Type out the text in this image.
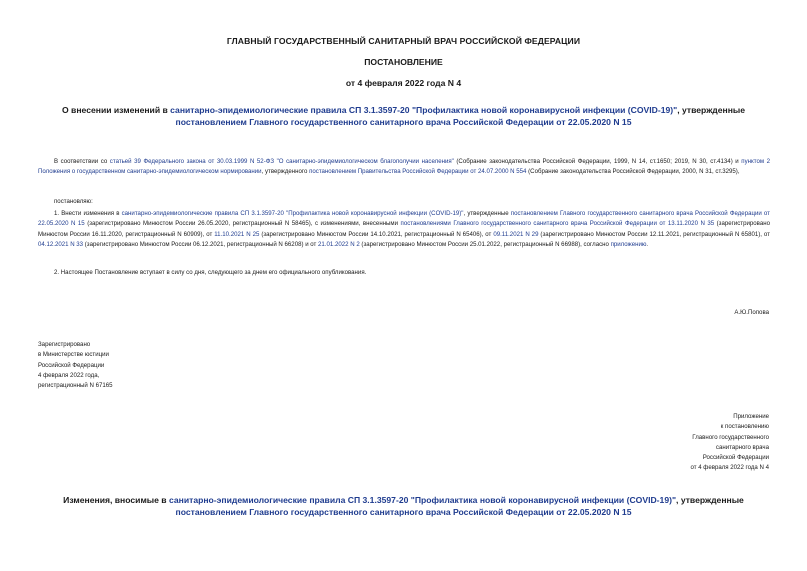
ГЛАВНЫЙ ГОСУДАРСТВЕННЫЙ САНИТАРНЫЙ ВРАЧ РОССИЙСКОЙ ФЕДЕРАЦИИ
ПОСТАНОВЛЕНИЕ
от 4 февраля 2022 года N 4
О внесении изменений в санитарно-эпидемиологические правила СП 3.1.3597-20 "Профилактика новой коронавирусной инфекции (COVID-19)", утвержденные постановлением Главного государственного санитарного врача Российской Федерации от 22.05.2020 N 15
В соответствии со статьей 39 Федерального закона от 30.03.1999 N 52-ФЗ "О санитарно-эпидемиологическом благополучии населения" (Собрание законодательства Российской Федерации, 1999, N 14, ст.1650; 2019, N 30, ст.4134) и пунктом 2 Положения о государственном санитарно-эпидемиологическом нормировании, утвержденного постановлением Правительства Российской Федерации от 24.07.2000 N 554 (Собрание законодательства Российской Федерации, 2000, N 31, ст.3295),
постановляю:
1. Внести изменения в санитарно-эпидемиологические правила СП 3.1.3597-20 "Профилактика новой коронавирусной инфекции (COVID-19)", утвержденные постановлением Главного государственного санитарного врача Российской Федерации от 22.05.2020 N 15 (зарегистрировано Минюстом России 26.05.2020, регистрационный N 58465), с изменениями, внесенными постановлениями Главного государственного санитарного врача Российской Федерации от 13.11.2020 N 35 (зарегистрировано Минюстом России 16.11.2020, регистрационный N 60909), от 11.10.2021 N 25 (зарегистрировано Минюстом России 14.10.2021, регистрационный N 65406), от 09.11.2021 N 29 (зарегистрировано Минюстом России 12.11.2021, регистрационный N 65801), от 04.12.2021 N 33 (зарегистрировано Минюстом России 06.12.2021, регистрационный N 66208) и от 21.01.2022 N 2 (зарегистрировано Минюстом России 25.01.2022, регистрационный N 66988), согласно приложению.
2. Настоящее Постановление вступает в силу со дня, следующего за днем его официального опубликования.
А.Ю.Попова
Зарегистрировано
в Министерстве юстиции
Российской Федерации
4 февраля 2022 года,
регистрационный N 67165
Приложение
к постановлению
Главного государственного
санитарного врача
Российской Федерации
от 4 февраля 2022 года N 4
Изменения, вносимые в санитарно-эпидемиологические правила СП 3.1.3597-20 "Профилактика новой коронавирусной инфекции (COVID-19)", утвержденные постановлением Главного государственного санитарного врача Российской Федерации от 22.05.2020 N 15
